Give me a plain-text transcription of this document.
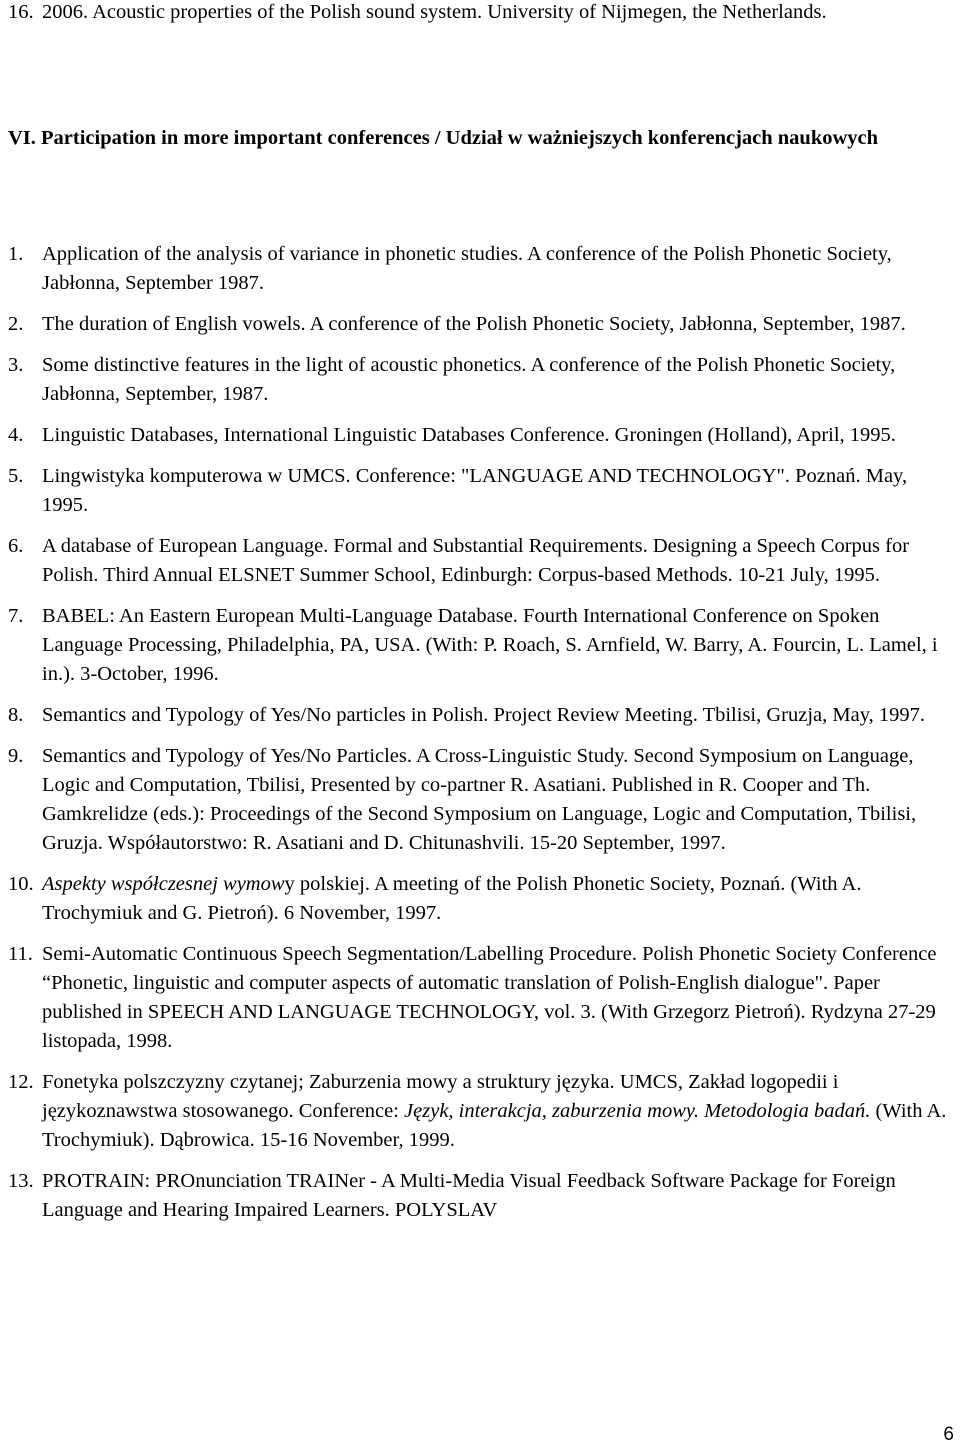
16. 2006. Acoustic properties of the Polish sound system. University of Nijmegen, the Netherlands.
VI. Participation in more important conferences / Udział w ważniejszych konferencjach naukowych
1. Application of the analysis of variance in phonetic studies. A conference of the Polish Phonetic Society, Jabłonna, September 1987.
2. The duration of English vowels. A conference of the Polish Phonetic Society, Jabłonna, September, 1987.
3. Some distinctive features in the light of acoustic phonetics. A conference of the Polish Phonetic Society, Jabłonna, September, 1987.
4. Linguistic Databases, International Linguistic Databases Conference. Groningen (Holland), April, 1995.
5. Lingwistyka komputerowa w UMCS. Conference: "LANGUAGE AND TECHNOLOGY". Poznań. May, 1995.
6. A database of European Language. Formal and Substantial Requirements. Designing a Speech Corpus for Polish. Third Annual ELSNET Summer School, Edinburgh: Corpus-based Methods. 10-21 July, 1995.
7. BABEL: An Eastern European Multi-Language Database. Fourth International Conference on Spoken Language Processing, Philadelphia, PA, USA. (With: P. Roach, S. Arnfield, W. Barry, A. Fourcin, L. Lamel, i in.). 3-October, 1996.
8. Semantics and Typology of Yes/No particles in Polish. Project Review Meeting. Tbilisi, Gruzja, May, 1997.
9. Semantics and Typology of Yes/No Particles. A Cross-Linguistic Study. Second Symposium on Language, Logic and Computation, Tbilisi, Presented by co-partner R. Asatiani. Published in R. Cooper and Th. Gamkrelidze (eds.): Proceedings of the Second Symposium on Language, Logic and Computation, Tbilisi, Gruzja. Współautorstwo: R. Asatiani and D. Chitunashvili. 15-20 September, 1997.
10. Aspekty współczesnej wymowy polskiej. A meeting of the Polish Phonetic Society, Poznań. (With A. Trochymiuk and G. Pietroń). 6 November, 1997.
11. Semi-Automatic Continuous Speech Segmentation/Labelling Procedure. Polish Phonetic Society Conference “Phonetic, linguistic and computer aspects of automatic translation of Polish-English dialogue". Paper published in SPEECH AND LANGUAGE TECHNOLOGY, vol. 3. (With Grzegorz Pietroń). Rydzyna 27-29 listopada, 1998.
12. Fonetyka polszczyzny czytanej; Zaburzenia mowy a struktury języka. UMCS, Zakład logopedii i językoznawstwa stosowanego. Conference: Język, interakcja, zaburzenia mowy. Metodologia badań. (With A. Trochymiuk). Dąbrowica. 15-16 November, 1999.
13. PROTRAIN: PROnunciation TRAINer - A Multi-Media Visual Feedback Software Package for Foreign Language and Hearing Impaired Learners. POLYSLAV
6
